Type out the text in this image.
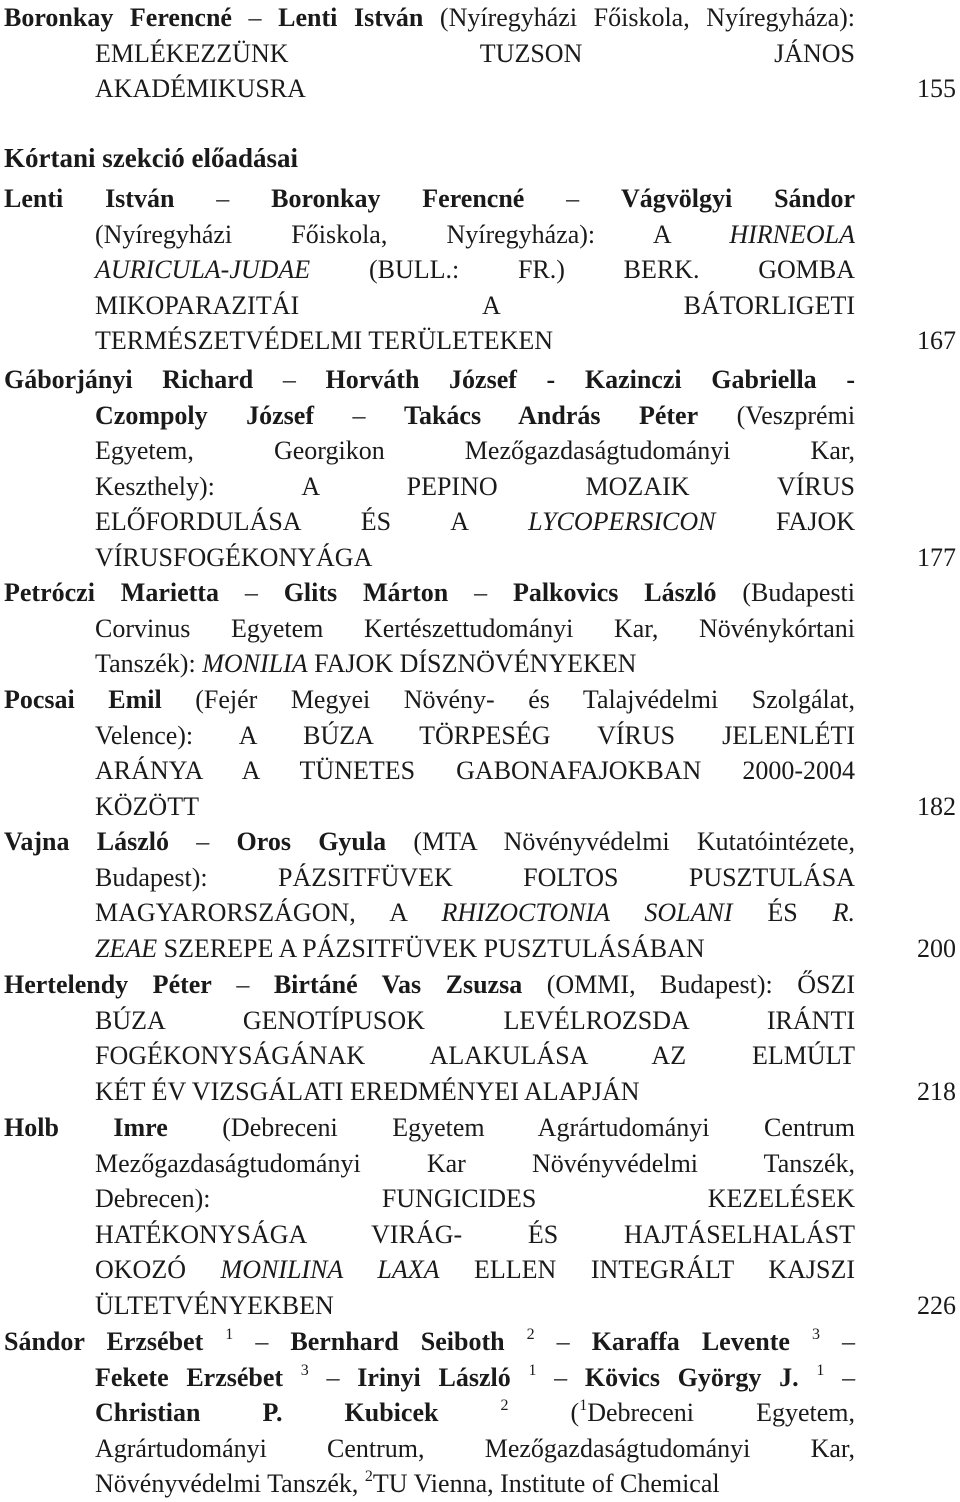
Boronkay Ferencné – Lenti István (Nyíregyházi Főiskola, Nyíregyháza):
EMLÉKEZZÜNK TUZSON JÁNOS
AKADÉMIKUSRA	155
Kórtani szekció előadásai
Lenti István – Boronkay Ferencné – Vágvölgyi Sándor
(Nyíregyházi Főiskola, Nyíregyháza): A HIRNEOLA
AURICULA-JUDAE (BULL.: FR.) BERK. GOMBA
MIKOPARAZITÁI A BÁTORLIGETI
TERMÉSZETVÉDELMI TERÜLETEKEN	167
Gáborjányi Richard – Horváth József - Kazinczi Gabriella -
Czompoly József – Takács András Péter (Veszprémi
Egyetem, Georgikon Mezőgazdaságtudományi Kar,
Keszthely):	A PEPINO MOZAIK VÍRUS
ELŐFORDULÁSA ÉS A LYCOPERSICON FAJOK
VÍRUSFOGÉKONYÁGA	177
Petróczi Marietta – Glits Márton – Palkovics László (Budapesti
Corvinus Egyetem Kertészettudományi Kar, Növénykórtani
Tanszék): MONILIA FAJOK DÍSZNÖVÉNYEKEN
Pocsai Emil (Fejér Megyei Növény- és Talajvédelmi Szolgálat,
Velence): A BÚZA TÖRPESÉG VÍRUS JELENLÉTI
ARÁNYA A TÜNETES GABONAFAJOKBAN 2000-2004
KÖZÖTT	182
Vajna László – Oros Gyula (MTA Növényvédelmi Kutatóintézete,
Budapest):	PÁZSITFÜVEK FOLTOS PUSZTULÁSA
MAGYARORSZÁGON, A RHIZOCTONIA SOLANI ÉS R.
ZEAE SZEREPE A PÁZSITFÜVEK PUSZTULÁSÁBAN	200
Hertelendy Péter – Birtáné Vas Zsuzsa (OMMI, Budapest): ŐSZI
BÚZA GENOTÍPUSOK LEVÉLROZSDA IRÁNTI
FOGÉKONYSÁGÁNAK ALAKULÁSA AZ ELMÚLT
KÉT ÉV VIZSGÁLATI EREDMÉNYEI ALAPJÁN	218
Holb Imre (Debreceni Egyetem Agrártudományi Centrum
Mezőgazdaságtudományi Kar Növényvédelmi Tanszék,
Debrecen):	FUNGICIDES KEZELÉSEK
HATÉKONYSÁGA VIRÁG- ÉS HAJTÁSELHALÁST
OKOZÓ MONILINA LAXA ELLEN INTEGRÁLT KAJSZI
ÜLTETVÉNYEKBEN	226
Sándor Erzsébet $^1$ – Bernhard Seiboth $^2$ – Karaffa Levente $^3$ –
Fekete Erzsébet $^3$ – Irinyi László $^1$ – Kövics György J. $^1$ –
Christian P. Kubicek	$^2$ ($^1$Debreceni Egyetem,
Agrártudományi Centrum, Mezőgazdaságtudományi Kar,
Növényvédelmi Tanszék, $^2$TU Vienna, Institute of Chemical
